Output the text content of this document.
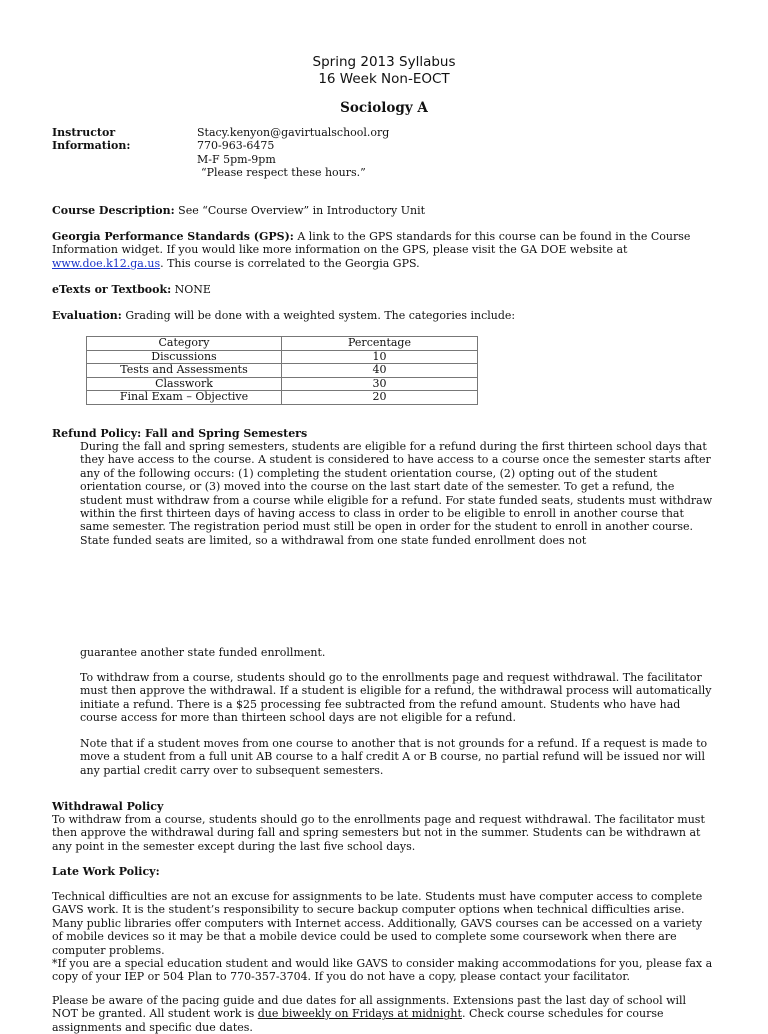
Spring 2013 Syllabus
16 Week Non-EOCT
Sociology A
Instructor
Information:
Stacy.kenyon@gavirtualschool.org
770-963-6475
M-F 5pm-9pm
“Please respect these hours.”
Course Description: See “Course Overview” in Introductory Unit
Georgia Performance Standards (GPS): A link to the GPS standards for this course can be found in the Course Information widget. If you would like more information on the GPS, please visit the GA DOE website at www.doe.k12.ga.us. This course is correlated to the Georgia GPS.
eTexts or Textbook: NONE
Evaluation: Grading will be done with a weighted system. The categories include:
Category	Percentage
Discussions	10
Tests and Assessments	40
Classwork	30
Final Exam – Objective	20
Refund Policy: Fall and Spring Semesters
During the fall and spring semesters, students are eligible for a refund during the first thirteen school days that they have access to the course. A student is considered to have access to a course once the semester starts after any of the following occurs: (1) completing the student orientation course, (2) opting out of the student orientation course, or (3) moved into the course on the last start date of the semester. To get a refund, the student must withdraw from a course while eligible for a refund. For state funded seats, students must withdraw within the first thirteen days of having access to class in order to be eligible to enroll in another course that same semester. The registration period must still be open in order for the student to enroll in another course. State funded seats are limited, so a withdrawal from one state funded enrollment does not
guarantee another state funded enrollment.
To withdraw from a course, students should go to the enrollments page and request withdrawal. The facilitator must then approve the withdrawal. If a student is eligible for a refund, the withdrawal process will automatically initiate a refund. There is a $25 processing fee subtracted from the refund amount. Students who have had course access for more than thirteen school days are not eligible for a refund.
Note that if a student moves from one course to another that is not grounds for a refund. If a request is made to move a student from a full unit AB course to a half credit A or B course, no partial refund will be issued nor will any partial credit carry over to subsequent semesters.
Withdrawal Policy
To withdraw from a course, students should go to the enrollments page and request withdrawal. The facilitator must then approve the withdrawal during fall and spring semesters but not in the summer. Students can be withdrawn at any point in the semester except during the last five school days.
Late Work Policy:
Technical difficulties are not an excuse for assignments to be late. Students must have computer access to complete GAVS work. It is the student’s responsibility to secure backup computer options when technical difficulties arise. Many public libraries offer computers with Internet access. Additionally, GAVS courses can be accessed on a variety of mobile devices so it may be that a mobile device could be used to complete some coursework when there are computer problems.
*If you are a special education student and would like GAVS to consider making accommodations for you, please fax a copy of your IEP or 504 Plan to 770-357-3704. If you do not have a copy, please contact your facilitator.
Please be aware of the pacing guide and due dates for all assignments. Extensions past the last day of school will NOT be granted. All student work is due biweekly on Fridays at midnight. Check course schedules for course assignments and specific due dates.
